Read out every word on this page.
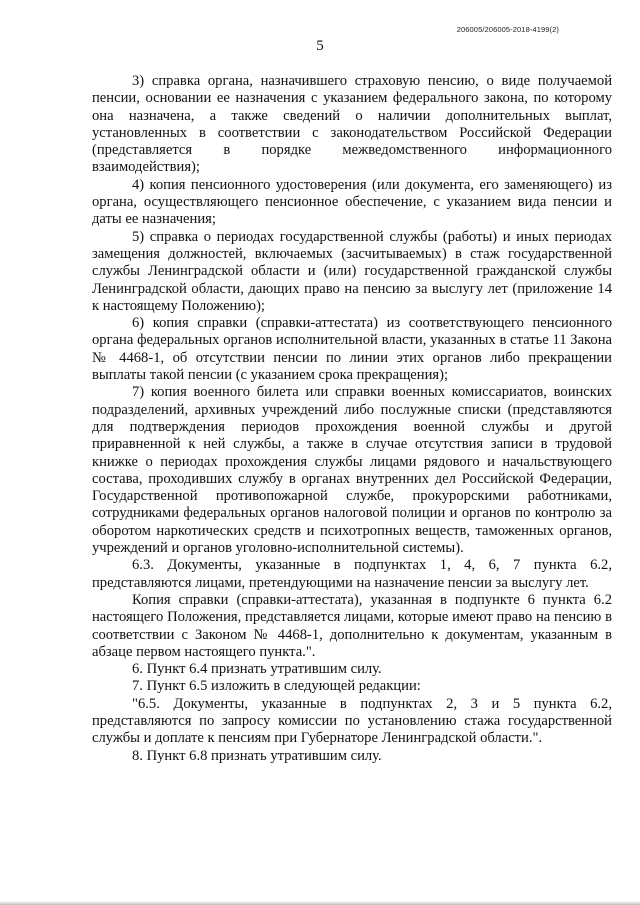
206005/206005-2018-4199(2)
5

3) справка органа, назначившего страховую пенсию, о виде получаемой пенсии, основании ее назначения с указанием федерального закона, по которому она назначена, а также сведений о наличии дополнительных выплат, установленных в соответствии с законодательством Российской Федерации (представляется в порядке межведомственного информационного взаимодействия);

4) копия пенсионного удостоверения (или документа, его заменяющего) из органа, осуществляющего пенсионное обеспечение, с указанием вида пенсии и даты ее назначения;

5) справка о периодах государственной службы (работы) и иных периодах замещения должностей, включаемых (засчитываемых) в стаж государственной службы Ленинградской области и (или) государственной гражданской службы Ленинградской области, дающих право на пенсию за выслугу лет (приложение 14 к настоящему Положению);

6) копия справки (справки-аттестата) из соответствующего пенсионного органа федеральных органов исполнительной власти, указанных в статье 11 Закона № 4468-1, об отсутствии пенсии по линии этих органов либо прекращении выплаты такой пенсии (с указанием срока прекращения);

7) копия военного билета или справки военных комиссариатов, воинских подразделений, архивных учреждений либо послужные списки (представляются для подтверждения периодов прохождения военной службы и другой приравненной к ней службы, а также в случае отсутствия записи в трудовой книжке о периодах прохождения службы лицами рядового и начальствующего состава, проходивших службу в органах внутренних дел Российской Федерации, Государственной противопожарной службе, прокурорскими работниками, сотрудниками федеральных органов налоговой полиции и органов по контролю за оборотом наркотических средств и психотропных веществ, таможенных органов, учреждений и органов уголовно-исполнительной системы).

6.3. Документы, указанные в подпунктах 1, 4, 6, 7 пункта 6.2, представляются лицами, претендующими на назначение пенсии за выслугу лет.

Копия справки (справки-аттестата), указанная в подпункте 6 пункта 6.2 настоящего Положения, представляется лицами, которые имеют право на пенсию в соответствии с Законом № 4468-1, дополнительно к документам, указанным в абзаце первом настоящего пункта.".

6. Пункт 6.4 признать утратившим силу.

7. Пункт 6.5 изложить в следующей редакции:

"6.5. Документы, указанные в подпунктах 2, 3 и 5 пункта 6.2, представляются по запросу комиссии по установлению стажа государственной службы и доплате к пенсиям при Губернаторе Ленинградской области.".

8. Пункт 6.8 признать утратившим силу.
